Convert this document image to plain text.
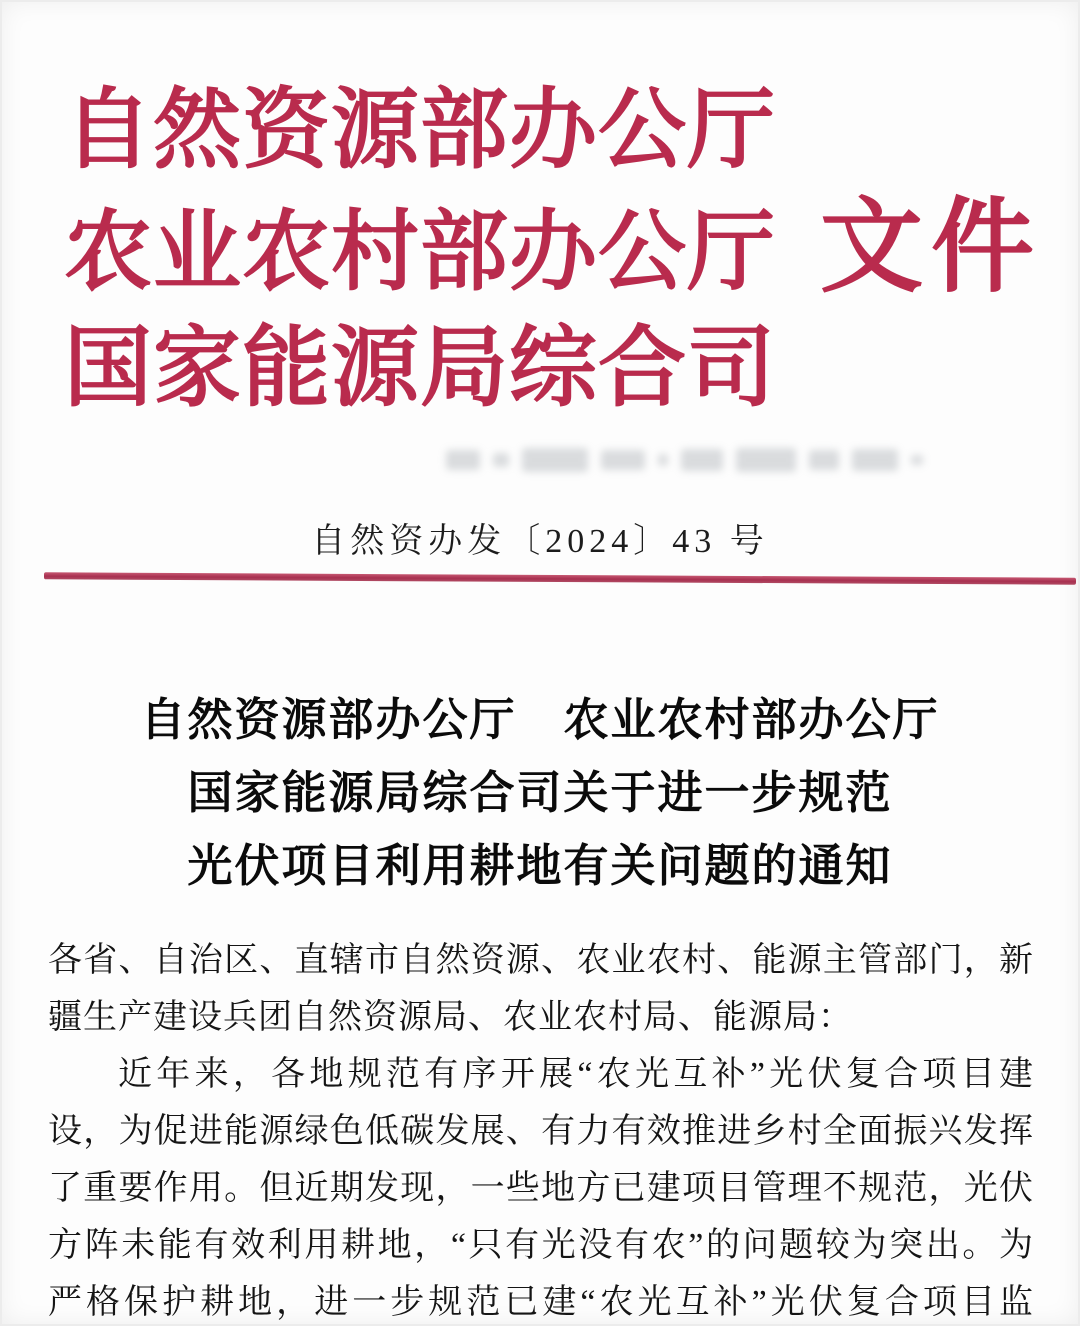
自然资源部办公厅
农业农村部办公厅 文件
国家能源局综合司
自然资办发〔2024〕43 号
自然资源部办公厅　农业农村部办公厅
国家能源局综合司关于进一步规范
光伏项目利用耕地有关问题的通知

各省、自治区、直辖市自然资源、农业农村、能源主管部门，新

疆生产建设兵团自然资源局、农业农村局、能源局：

近年来，各地规范有序开展“农光互补”光伏复合项目建

设，为促进能源绿色低碳发展、有力有效推进乡村全面振兴发挥

了重要作用。但近期发现，一些地方已建项目管理不规范，光伏

方阵未能有效利用耕地，“只有光没有农”的问题较为突出。为

严格保护耕地，进一步规范已建“农光互补”光伏复合项目监
